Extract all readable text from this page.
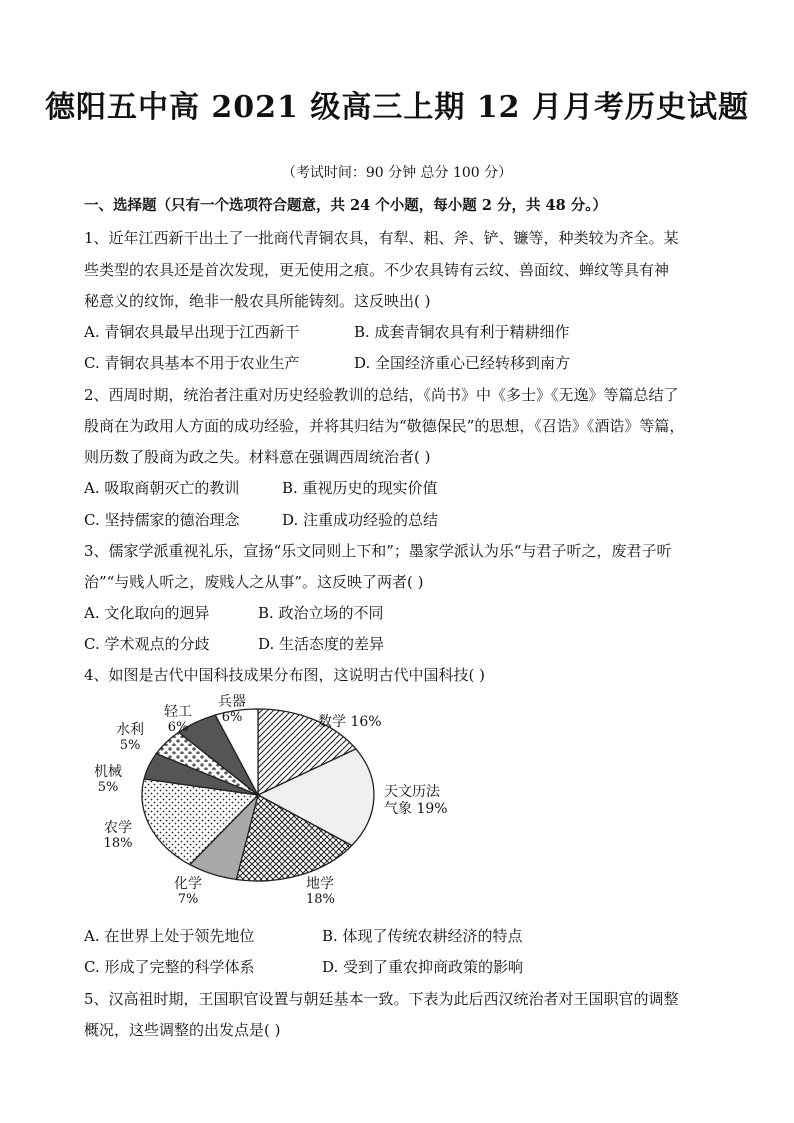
德阳五中高 2021 级高三上期 12 月月考历史试题
（考试时间：90 分钟 总分 100 分）
一、选择题（只有一个选项符合题意，共 24 个小题，每小题 2 分，共 48 分。）
1、近年江西新干出土了一批商代青铜农具，有犁、耜、斧、铲、镰等，种类较为齐全。某
些类型的农具还是首次发现，更无使用之痕。不少农具铸有云纹、兽面纹、蝉纹等具有神
秘意义的纹饰，绝非一般农具所能铸刻。这反映出( )
A. 青铜农具最早出现于江西新干	B. 成套青铜农具有利于精耕细作
C. 青铜农具基本不用于农业生产	D. 全国经济重心已经转移到南方
2、西周时期，统治者注重对历史经验教训的总结，《尚书》中《多士》《无逸》等篇总结了
殷商在为政用人方面的成功经验，并将其归结为“敬德保民”的思想，《召诰》《酒诰》等篇，
则历数了殷商为政之失。材料意在强调西周统治者( )
A. 吸取商朝灭亡的教训	B. 重视历史的现实价值
C. 坚持儒家的德治理念	D. 注重成功经验的总结
3、儒家学派重视礼乐，宣扬“乐文同则上下和”；墨家学派认为乐“与君子听之，废君子听
治”“与贱人听之，废贱人之从事”。这反映了两者( )
A. 文化取向的迥异	B. 政治立场的不同
C. 学术观点的分歧	D. 生活态度的差异
4、如图是古代中国科技成果分布图，这说明古代中国科技( )
数学 16%
天文历法气象 19%
地学 18%
化学 7%
农学 18%
机械 5%
水利 5%
轻工 6%
兵器 6%
A. 在世界上处于领先地位	B. 体现了传统农耕经济的特点
C. 形成了完整的科学体系	D. 受到了重农抑商政策的影响
5、汉高祖时期，王国职官设置与朝廷基本一致。下表为此后西汉统治者对王国职官的调整
概况，这些调整的出发点是( )
